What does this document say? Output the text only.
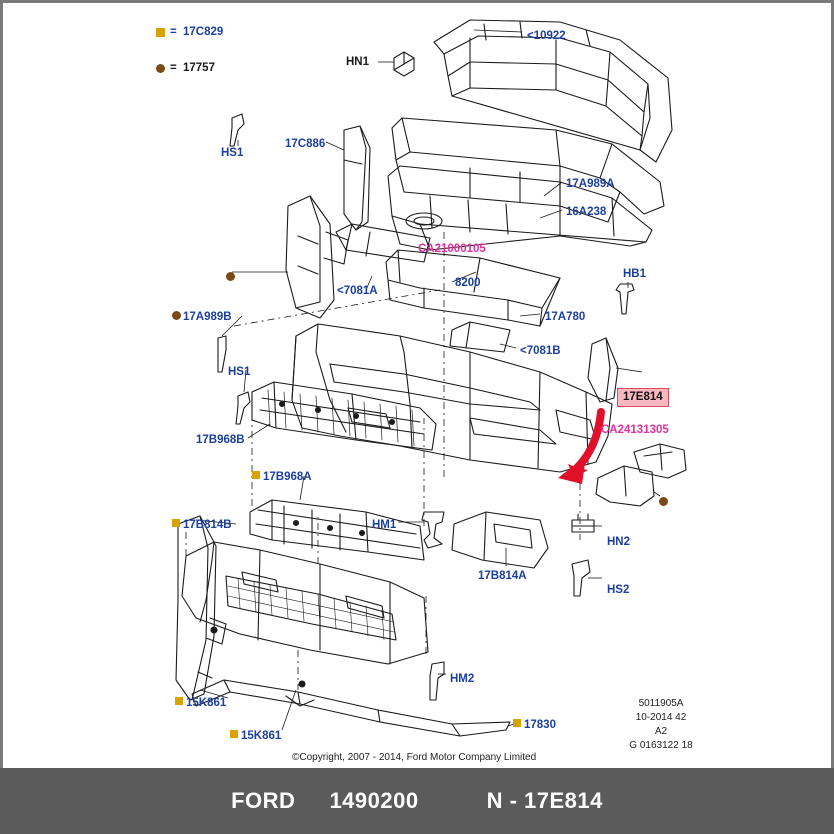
= 17C829
= 17757	HN1
<10922
HS1
17C886
17A989A
16A238
CA21000105
8200
<7081A
17A780
HB1
17A989B
<7081B
HS1
17B968B
17B968A
HM1
17B814B
17B814A
HN2
HS2
HM2
15K861
15K861
17830
17E814
CA24131305
©Copyright, 2007 - 2014, Ford Motor Company Limited
5011905A
10-2014 42
A2
G 0163122 18
FORD 1490200	N - 17E814
